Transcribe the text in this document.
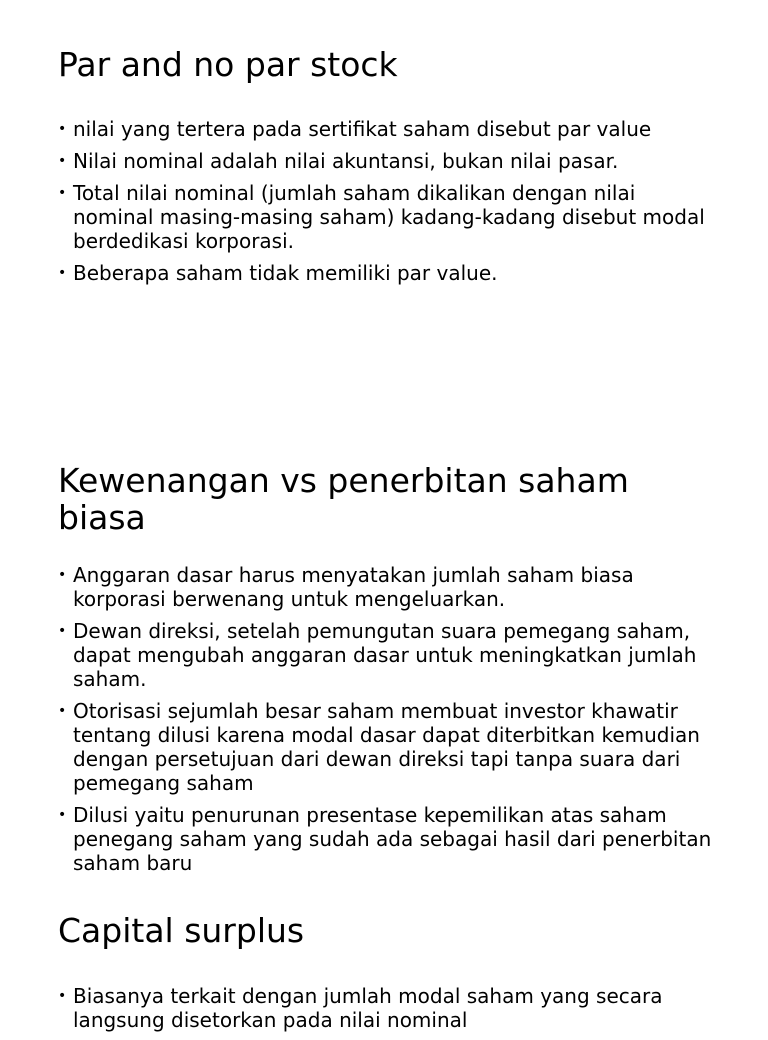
Par and no par stock
• nilai yang tertera pada sertifikat saham disebut par value
• Nilai nominal adalah nilai akuntansi, bukan nilai pasar.
• Total nilai nominal (jumlah saham dikalikan dengan nilai nominal masing-masing saham) kadang-kadang disebut modal berdedikasi korporasi.
• Beberapa saham tidak memiliki par value.
Kewenangan vs penerbitan saham biasa
• Anggaran dasar harus menyatakan jumlah saham biasa korporasi berwenang untuk mengeluarkan.
• Dewan direksi, setelah pemungutan suara pemegang saham, dapat mengubah anggaran dasar untuk meningkatkan jumlah saham.
• Otorisasi sejumlah besar saham membuat investor khawatir tentang dilusi karena modal dasar dapat diterbitkan kemudian dengan persetujuan dari dewan direksi tapi tanpa suara dari pemegang saham
• Dilusi yaitu penurunan presentase kepemilikan atas saham penegang saham yang sudah ada sebagai hasil dari penerbitan saham baru
Capital surplus
• Biasanya terkait dengan jumlah modal saham yang secara langsung disetorkan pada nilai nominal
